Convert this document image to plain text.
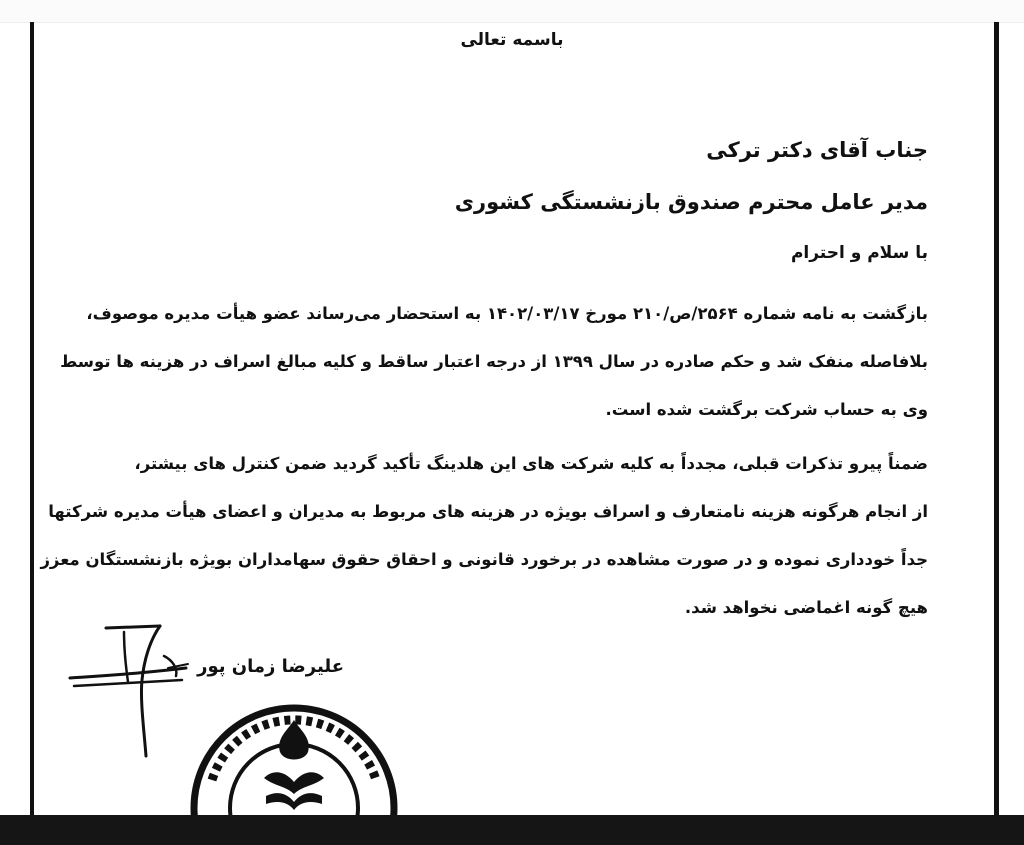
باسمه تعالی
جناب آقای دکتر ترکی
مدیر عامل محترم صندوق بازنشستگی کشوری
با سلام و احترام
بازگشت به نامه شماره ۲۵۶۴/ص/۲۱۰ مورخ ۱۴۰۲/۰۳/۱۷ به استحضار می‌رساند عضو هیأت مدیره موصوف،
بلافاصله منفک شد و حکم صادره در سال ۱۳۹۹ از درجه اعتبار ساقط و کلیه مبالغ اسراف در هزینه ها توسط
وی به حساب شرکت برگشت شده است.
ضمناً پیرو تذکرات قبلی، مجدداً به کلیه شرکت های این هلدینگ تأکید گردید ضمن کنترل های بیشتر،
از انجام هرگونه هزینه نامتعارف و اسراف بویژه در هزینه های مربوط به مدیران و اعضای هیأت مدیره شرکتها
جداً خودداری نموده و در صورت مشاهده در برخورد قانونی و احقاق حقوق سهامداران بویژه بازنشستگان معزز
هیچ گونه اغماضی نخواهد شد.
علیرضا زمان پور
